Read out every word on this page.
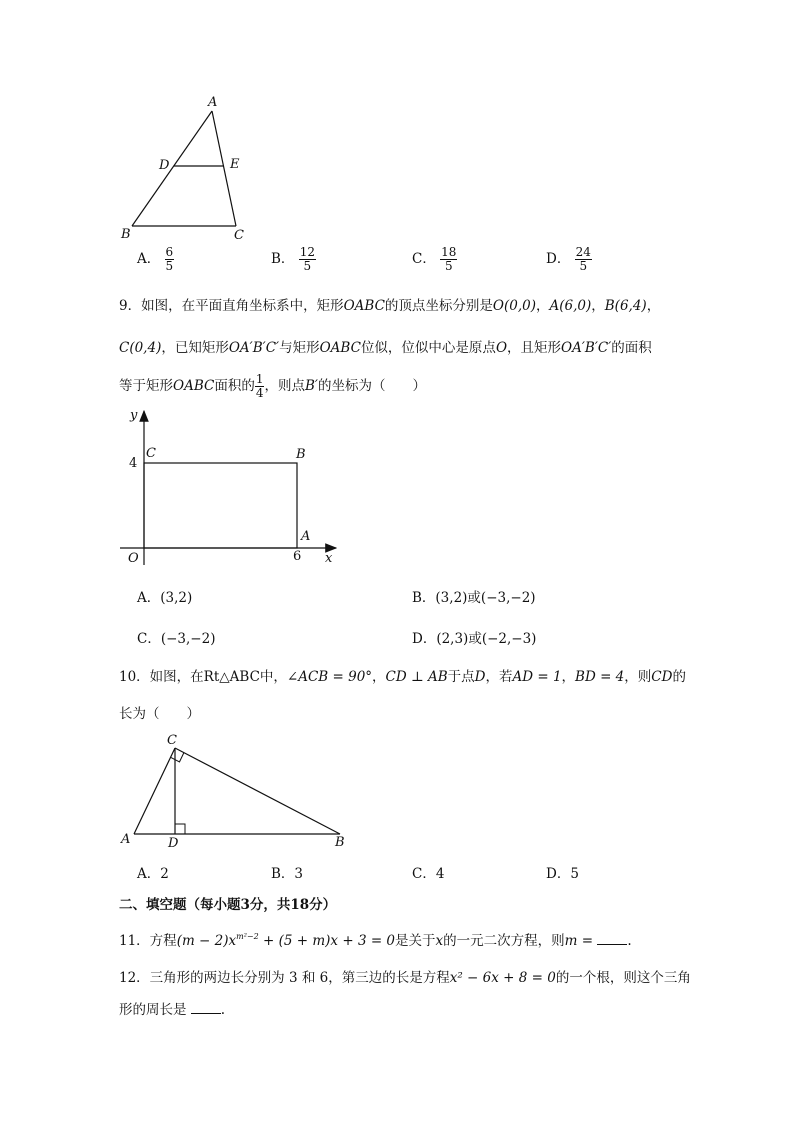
A
D	E
B	C
A． $\frac{6}{5}$	B． $\frac{12}{5}$	C． $\frac{18}{5}$	D． $\frac{24}{5}$
9．如图，在平面直角坐标系中，矩形OABC的顶点坐标分别是O(0,0)，A(6,0)，B(6,4)，
C(0,4)，已知矩形OA′B′C′与矩形OABC位似，位似中心是原点O，且矩形OA′B′C′的面积
等于矩形OABC面积的 $\frac{1}{4}$ ，则点B′的坐标为（　　）
y
C
4
B
A
O	6 x
A．(3,2)	B．(3,2)或(−3,−2)
C．(−3,−2)	D．(2,3)或(−2,−3)
10．如图，在Rt△ABC中，∠ACB = 90°，CD ⊥ AB于点D，若AD = 1，BD = 4，则CD的
长为（　　）
C
A	D	B
A．2	B．3	C．4	D．5
二、填空题（每小题3分，共18分）
11．方程$(m - 2)x^{m^2-2} + (5 + m)x + 3 = 0$是关于x的一元二次方程，则m =	.
12．三角形的两边长分别为 3 和 6，第三边的长是方程x² − 6x + 8 = 0的一个根，则这个三角
形的周长是	.
